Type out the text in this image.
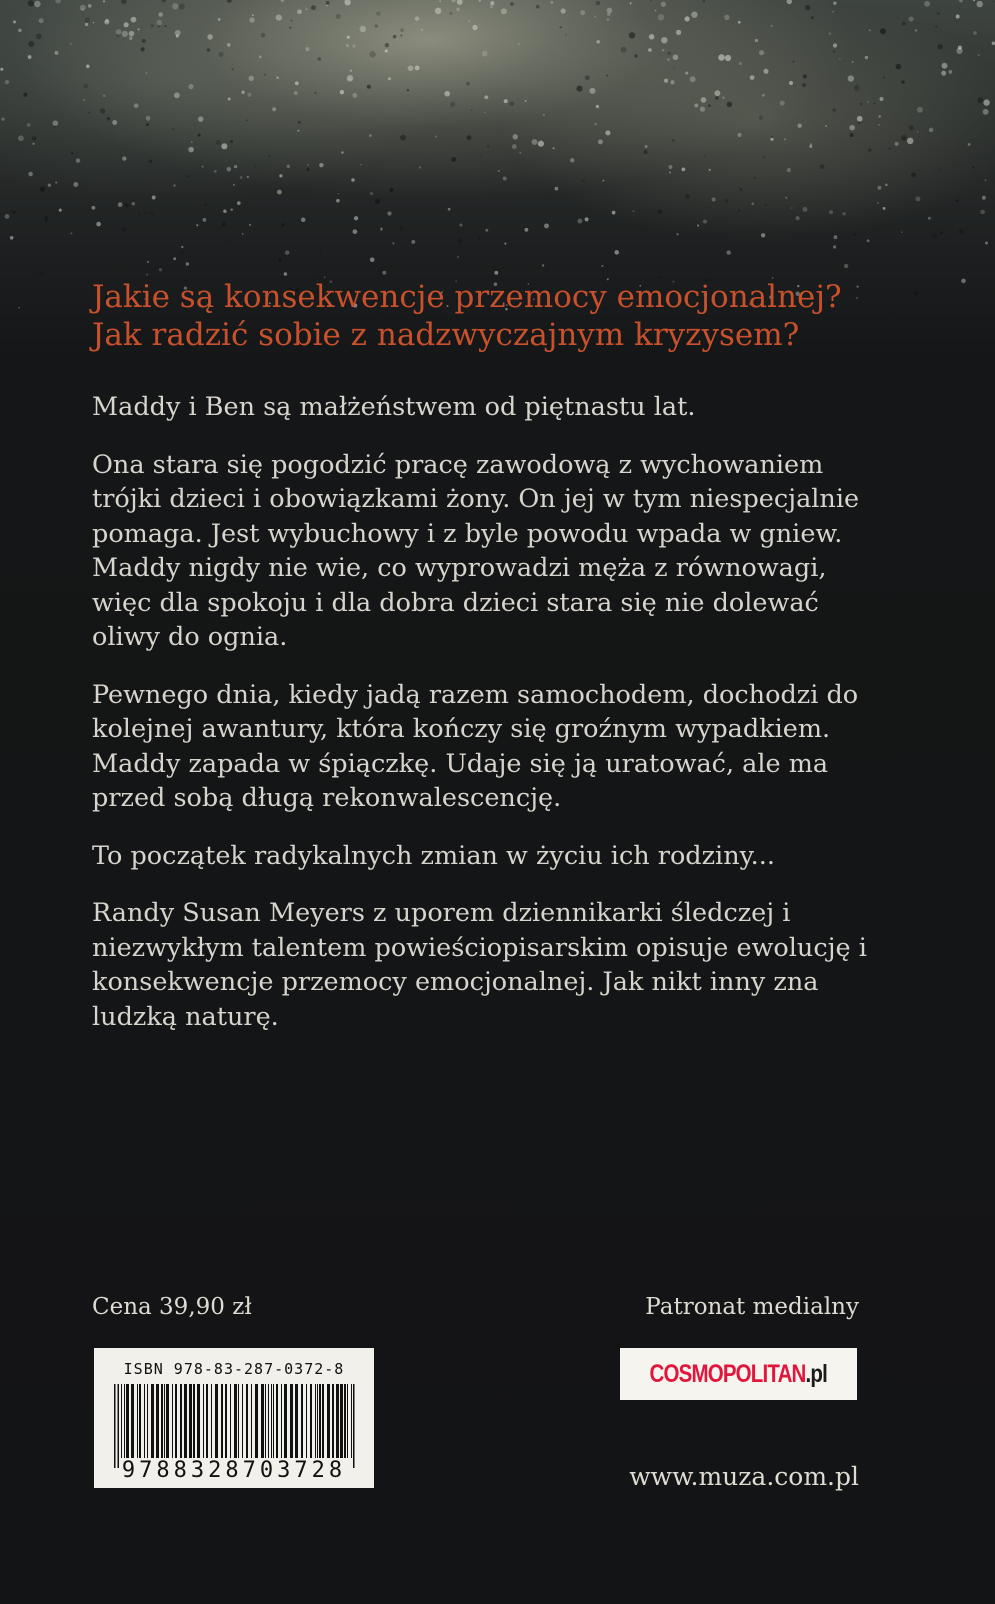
Jakie są konsekwencje przemocy emocjonalnej?
Jak radzić sobie z nadzwyczajnym kryzysem?

Maddy i Ben są małżeństwem od piętnastu lat.

Ona stara się pogodzić pracę zawodową z wychowaniem trójki dzieci i obowiązkami żony. On jej w tym niespecjalnie pomaga. Jest wybuchowy i z byle powodu wpada w gniew. Maddy nigdy nie wie, co wyprowadzi męża z równowagi, więc dla spokoju i dla dobra dzieci stara się nie dolewać oliwy do ognia.

Pewnego dnia, kiedy jadą razem samochodem, dochodzi do kolejnej awantury, która kończy się groźnym wypadkiem. Maddy zapada w śpiączkę. Udaje się ją uratować, ale ma przed sobą długą rekonwalescencję.

To początek radykalnych zmian w życiu ich rodziny...

Randy Susan Meyers z uporem dziennikarki śledczej i niezwykłym talentem powieściopisarskim opisuje ewolucję i konsekwencje przemocy emocjonalnej. Jak nikt inny zna ludzką naturę.

Cena 39,90 zł	Patronat medialny
ISBN 978-83-287-0372-8
9788328703728
COSMOPOLITAN.pl
www.muza.com.pl
